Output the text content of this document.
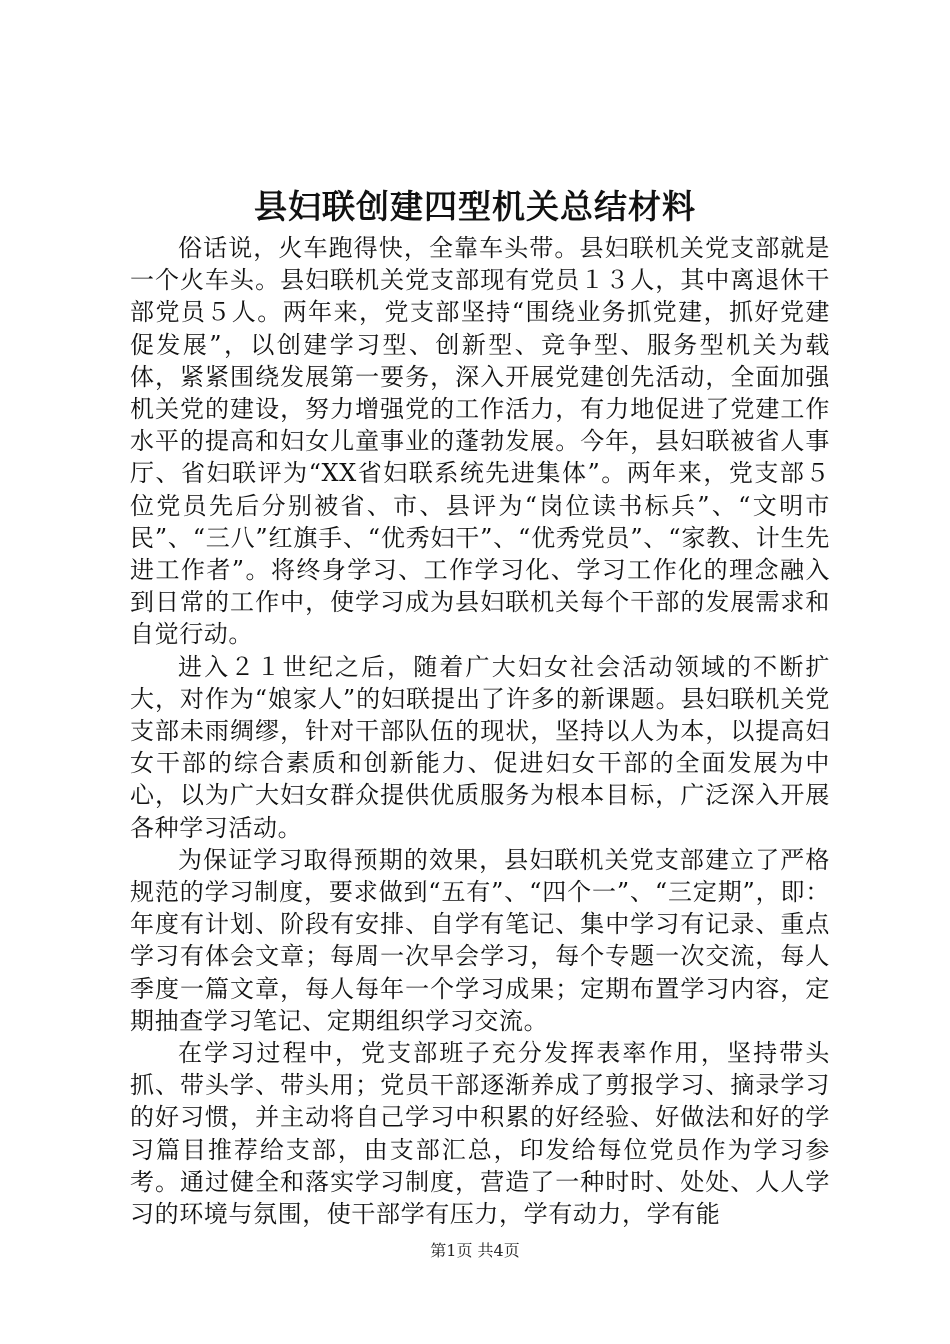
县妇联创建四型机关总结材料

俗话说，火车跑得快，全靠车头带。县妇联机关党支部就是一个火车头。县妇联机关党支部现有党员１３人，其中离退休干部党员５人。两年来，党支部坚持“围绕业务抓党建，抓好党建促发展”，以创建学习型、创新型、竞争型、服务型机关为载体，紧紧围绕发展第一要务，深入开展党建创先活动，全面加强机关党的建设，努力增强党的工作活力，有力地促进了党建工作水平的提高和妇女儿童事业的蓬勃发展。今年，县妇联被省人事厅、省妇联评为“XX省妇联系统先进集体”。两年来，党支部５位党员先后分别被省、市、县评为“岗位读书标兵”、“文明市民”、“三八”红旗手、“优秀妇干”、“优秀党员”、“家教、计生先进工作者”。将终身学习、工作学习化、学习工作化的理念融入到日常的工作中，使学习成为县妇联机关每个干部的发展需求和自觉行动。

进入２１世纪之后，随着广大妇女社会活动领域的不断扩大，对作为“娘家人”的妇联提出了许多的新课题。县妇联机关党支部未雨绸缪，针对干部队伍的现状，坚持以人为本，以提高妇女干部的综合素质和创新能力、促进妇女干部的全面发展为中心，以为广大妇女群众提供优质服务为根本目标，广泛深入开展各种学习活动。

为保证学习取得预期的效果，县妇联机关党支部建立了严格规范的学习制度，要求做到“五有”、“四个一”、“三定期”，即：年度有计划、阶段有安排、自学有笔记、集中学习有记录、重点学习有体会文章；每周一次早会学习，每个专题一次交流，每人季度一篇文章，每人每年一个学习成果；定期布置学习内容，定期抽查学习笔记、定期组织学习交流。

在学习过程中，党支部班子充分发挥表率作用，坚持带头抓、带头学、带头用；党员干部逐渐养成了剪报学习、摘录学习的好习惯，并主动将自己学习中积累的好经验、好做法和好的学习篇目推荐给支部，由支部汇总，印发给每位党员作为学习参考。通过健全和落实学习制度，营造了一种时时、处处、人人学习的环境与氛围，使干部学有压力，学有动力，学有能

第1页 共4页
